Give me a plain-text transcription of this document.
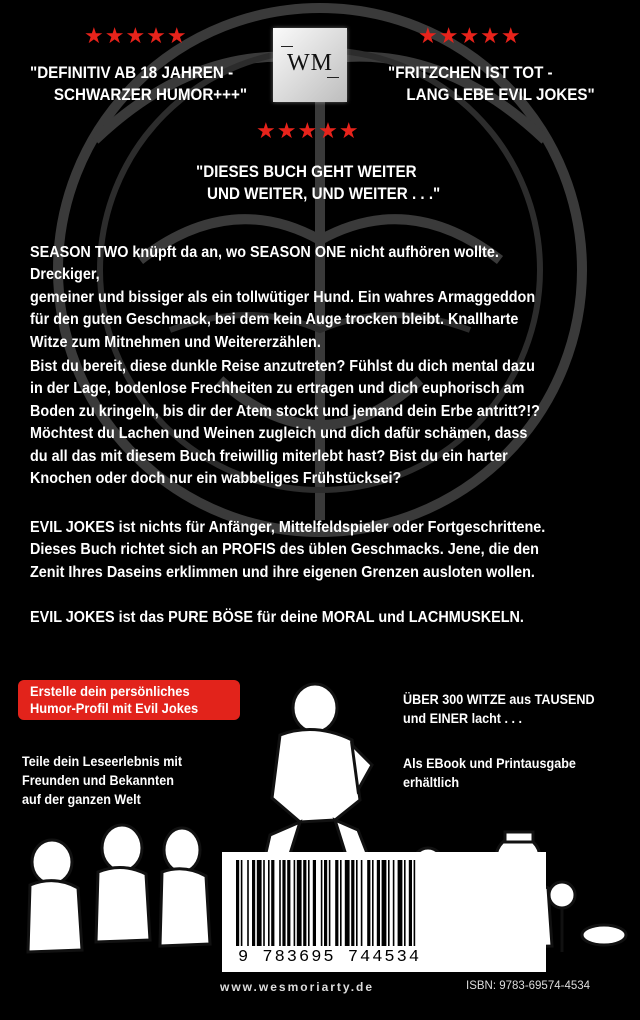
★★★★★	★★★★★
★★★★★
WM
"DEFINITIV AB 18 JAHREN -
SCHWARZER HUMOR+++"
"FRITZCHEN IST TOT -
LANG LEBE EVIL JOKES"
"DIESES BUCH GEHT WEITER
UND WEITER, UND WEITER . . ."
SEASON TWO knüpft da an, wo SEASON ONE nicht aufhören wollte. Dreckiger,
gemeiner und bissiger als ein tollwütiger Hund. Ein wahres Armaggeddon
für den guten Geschmack, bei dem kein Auge trocken bleibt. Knallharte
Witze zum Mitnehmen und Weitererzählen.
Bist du bereit, diese dunkle Reise anzutreten? Fühlst du dich mental dazu
in der Lage, bodenlose Frechheiten zu ertragen und dich euphorisch am
Boden zu kringeln, bis dir der Atem stockt und jemand dein Erbe antritt?!?
Möchtest du Lachen und Weinen zugleich und dich dafür schämen, dass
du all das mit diesem Buch freiwillig miterlebt hast? Bist du ein harter
Knochen oder doch nur ein wabbeliges Frühstücksei?
EVIL JOKES ist nichts für Anfänger, Mittelfeldspieler oder Fortgeschrittene.
Dieses Buch richtet sich an PROFIS des üblen Geschmacks. Jene, die den
Zenit Ihres Daseins erklimmen und ihre eigenen Grenzen ausloten wollen.
EVIL JOKES ist das PURE BÖSE für deine MORAL und LACHMUSKELN.
Erstelle dein persönliches
Humor-Profil mit Evil Jokes
Teile dein Leseerlebnis mit
Freunden und Bekannten
auf der ganzen Welt
ÜBER 300 WITZE aus TAUSEND
und EINER lacht . . .
Als EBook und Printausgabe
erhältlich
9 783695 744534
www.wesmoriarty.de	ISBN: 9783-69574-4534
